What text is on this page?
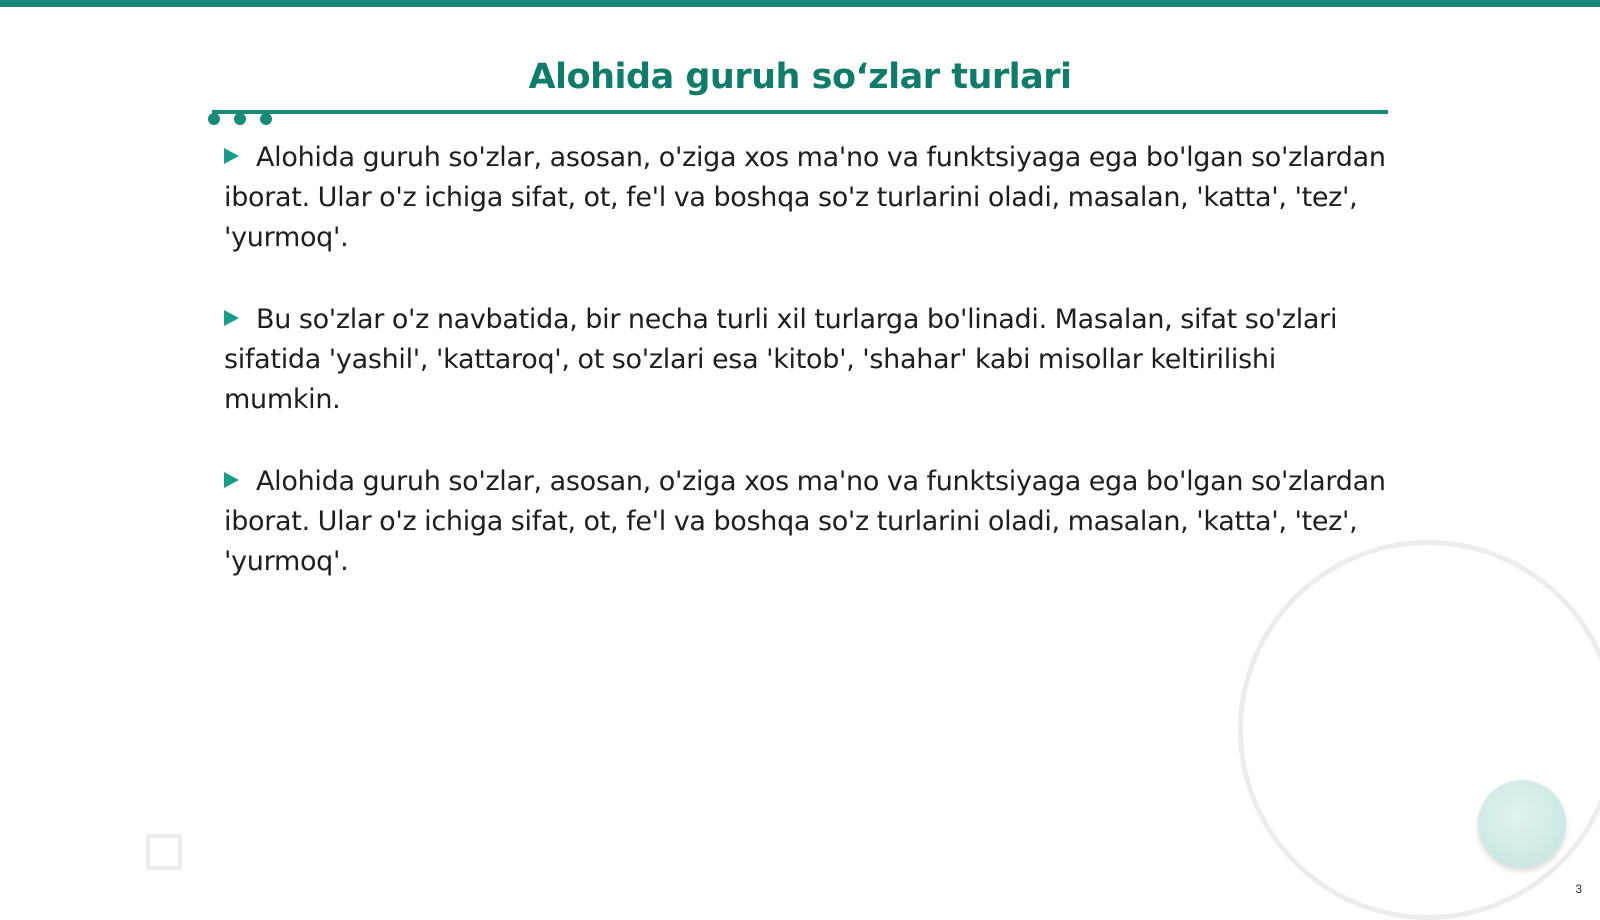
Alohida guruh so‘zlar turlari

Alohida guruh so'zlar, asosan, o'ziga xos ma'no va funktsiyaga ega bo'lgan so'zlardan iborat. Ular o'z ichiga sifat, ot, fe'l va boshqa so'z turlarini oladi, masalan, 'katta', 'tez', 'yurmoq'.

Bu so'zlar o'z navbatida, bir necha turli xil turlarga bo'linadi. Masalan, sifat so'zlari sifatida 'yashil', 'kattaroq', ot so'zlari esa 'kitob', 'shahar' kabi misollar keltirilishi mumkin.

Alohida guruh so'zlar, asosan, o'ziga xos ma'no va funktsiyaga ega bo'lgan so'zlardan iborat. Ular o'z ichiga sifat, ot, fe'l va boshqa so'z turlarini oladi, masalan, 'katta', 'tez', 'yurmoq'.

3
